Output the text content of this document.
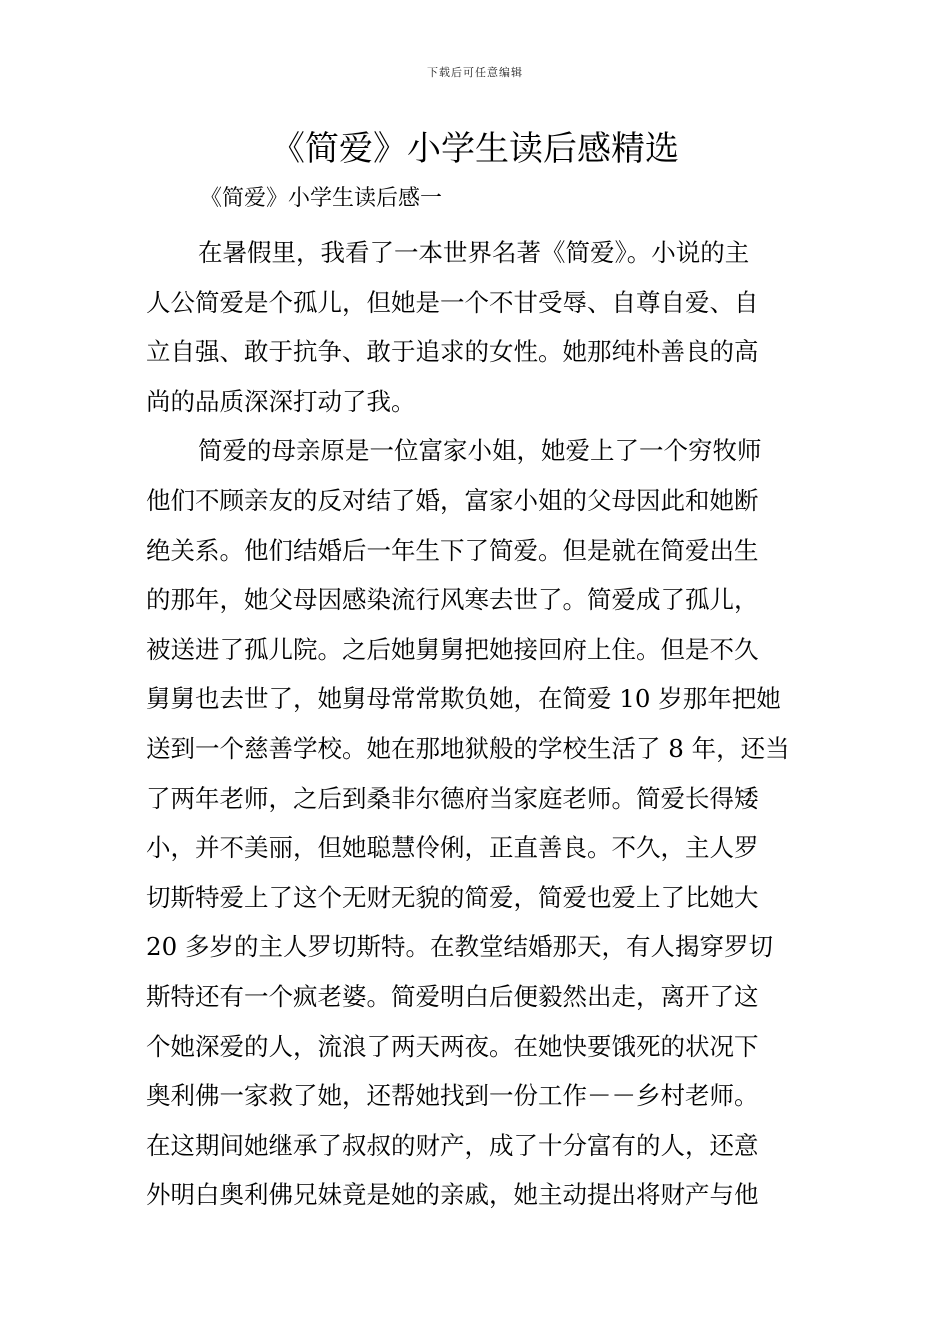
下载后可任意编辑
《简爱》小学生读后感精选
《简爱》小学生读后感一
在暑假里，我看了一本世界名著《简爱》。小说的主
人公简爱是个孤儿，但她是一个不甘受辱、自尊自爱、自
立自强、敢于抗争、敢于追求的女性。她那纯朴善良的高
尚的品质深深打动了我。
简爱的母亲原是一位富家小姐，她爱上了一个穷牧师
他们不顾亲友的反对结了婚，富家小姐的父母因此和她断
绝关系。他们结婚后一年生下了简爱。但是就在简爱出生
的那年，她父母因感染流行风寒去世了。简爱成了孤儿，
被送进了孤儿院。之后她舅舅把她接回府上住。但是不久
舅舅也去世了，她舅母常常欺负她，在简爱 10 岁那年把她
送到一个慈善学校。她在那地狱般的学校生活了 8 年，还当
了两年老师，之后到桑非尔德府当家庭老师。简爱长得矮
小，并不美丽，但她聪慧伶俐，正直善良。不久，主人罗
切斯特爱上了这个无财无貌的简爱，简爱也爱上了比她大
20 多岁的主人罗切斯特。在教堂结婚那天，有人揭穿罗切
斯特还有一个疯老婆。简爱明白后便毅然出走，离开了这
个她深爱的人，流浪了两天两夜。在她快要饿死的状况下
奥利佛一家救了她，还帮她找到一份工作－－乡村老师。
在这期间她继承了叔叔的财产，成了十分富有的人，还意
外明白奥利佛兄妹竟是她的亲戚，她主动提出将财产与他
